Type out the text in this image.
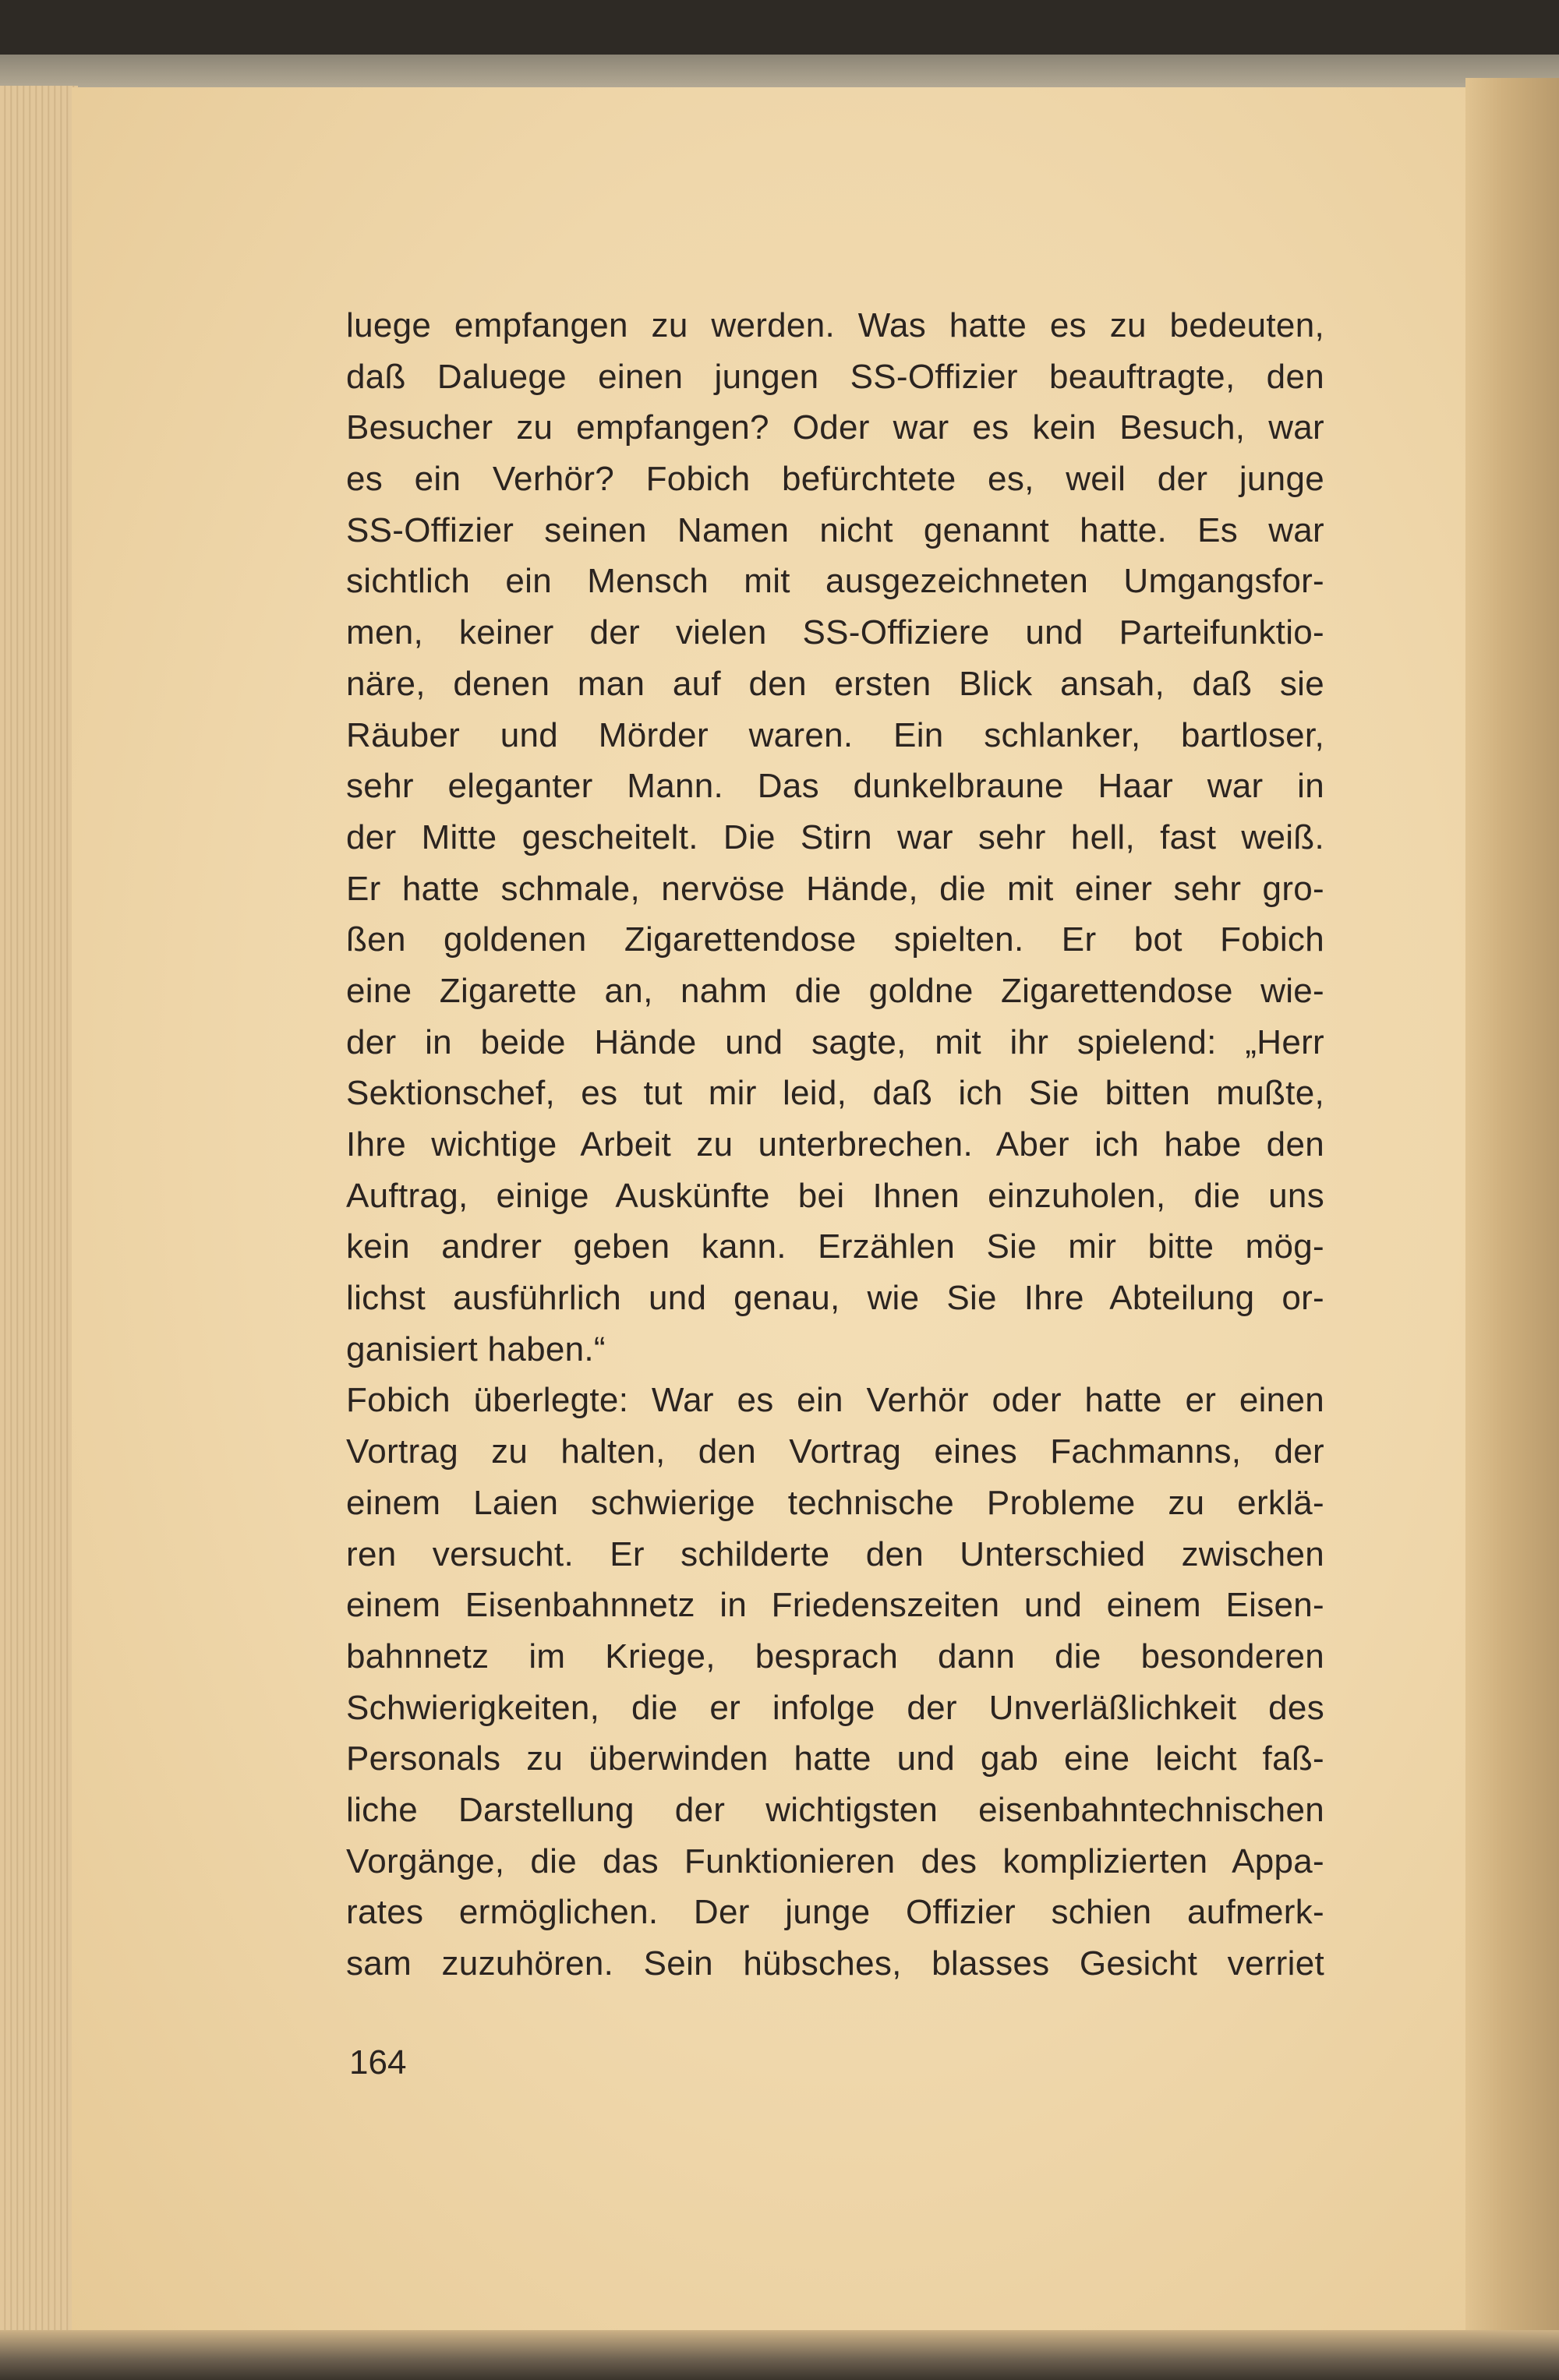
luege empfangen zu werden. Was hatte es zu bedeuten,
daß Daluege einen jungen SS-Offizier beauftragte, den
Besucher zu empfangen? Oder war es kein Besuch, war
es ein Verhör? Fobich befürchtete es, weil der junge
SS-Offizier seinen Namen nicht genannt hatte. Es war
sichtlich ein Mensch mit ausgezeichneten Umgangsfor-
men, keiner der vielen SS-Offiziere und Parteifunktio-
näre, denen man auf den ersten Blick ansah, daß sie
Räuber und Mörder waren. Ein schlanker, bartloser,
sehr eleganter Mann. Das dunkelbraune Haar war in
der Mitte gescheitelt. Die Stirn war sehr hell, fast weiß.
Er hatte schmale, nervöse Hände, die mit einer sehr gro-
ßen goldenen Zigarettendose spielten. Er bot Fobich
eine Zigarette an, nahm die goldne Zigarettendose wie-
der in beide Hände und sagte, mit ihr spielend: „Herr
Sektionschef, es tut mir leid, daß ich Sie bitten mußte,
Ihre wichtige Arbeit zu unterbrechen. Aber ich habe den
Auftrag, einige Auskünfte bei Ihnen einzuholen, die uns
kein andrer geben kann. Erzählen Sie mir bitte mög-
lichst ausführlich und genau, wie Sie Ihre Abteilung or-
ganisiert haben.“
Fobich überlegte: War es ein Verhör oder hatte er einen
Vortrag zu halten, den Vortrag eines Fachmanns, der
einem Laien schwierige technische Probleme zu erklä-
ren versucht. Er schilderte den Unterschied zwischen
einem Eisenbahnnetz in Friedenszeiten und einem Eisen-
bahnnetz im Kriege, besprach dann die besonderen
Schwierigkeiten, die er infolge der Unverläßlichkeit des
Personals zu überwinden hatte und gab eine leicht faß-
liche Darstellung der wichtigsten eisenbahntechnischen
Vorgänge, die das Funktionieren des komplizierten Appa-
rates ermöglichen. Der junge Offizier schien aufmerk-
sam zuzuhören. Sein hübsches, blasses Gesicht verriet
164
